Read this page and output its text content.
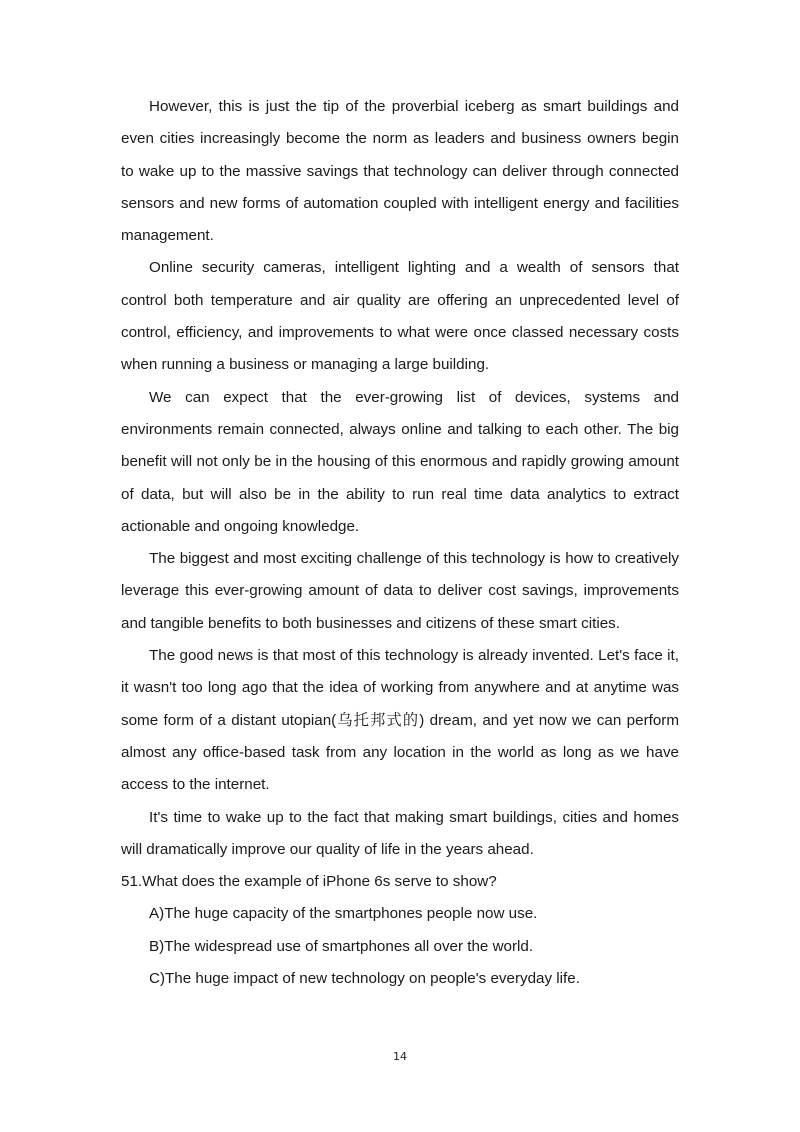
However, this is just the tip of the proverbial iceberg as smart buildings and even cities increasingly become the norm as leaders and business owners begin to wake up to the massive savings that technology can deliver through connected sensors and new forms of automation coupled with intelligent energy and facilities management.

Online security cameras, intelligent lighting and a wealth of sensors that control both temperature and air quality are offering an unprecedented level of control, efficiency, and improvements to what were once classed necessary costs when running a business or managing a large building.

We can expect that the ever-growing list of devices, systems and environments remain connected, always online and talking to each other. The big benefit will not only be in the housing of this enormous and rapidly growing amount of data, but will also be in the ability to run real time data analytics to extract actionable and ongoing knowledge.

The biggest and most exciting challenge of this technology is how to creatively leverage this ever-growing amount of data to deliver cost savings, improvements and tangible benefits to both businesses and citizens of these smart cities.

The good news is that most of this technology is already invented. Let's face it, it wasn't too long ago that the idea of working from anywhere and at anytime was some form of a distant utopian(乌托邦式的) dream, and yet now we can perform almost any office-based task from any location in the world as long as we have access to the internet.

It's time to wake up to the fact that making smart buildings, cities and homes will dramatically improve our quality of life in the years ahead.

51.What does the example of iPhone 6s serve to show?

A)The huge capacity of the smartphones people now use.

B)The widespread use of smartphones all over the world.

C)The huge impact of new technology on people's everyday life.

14
